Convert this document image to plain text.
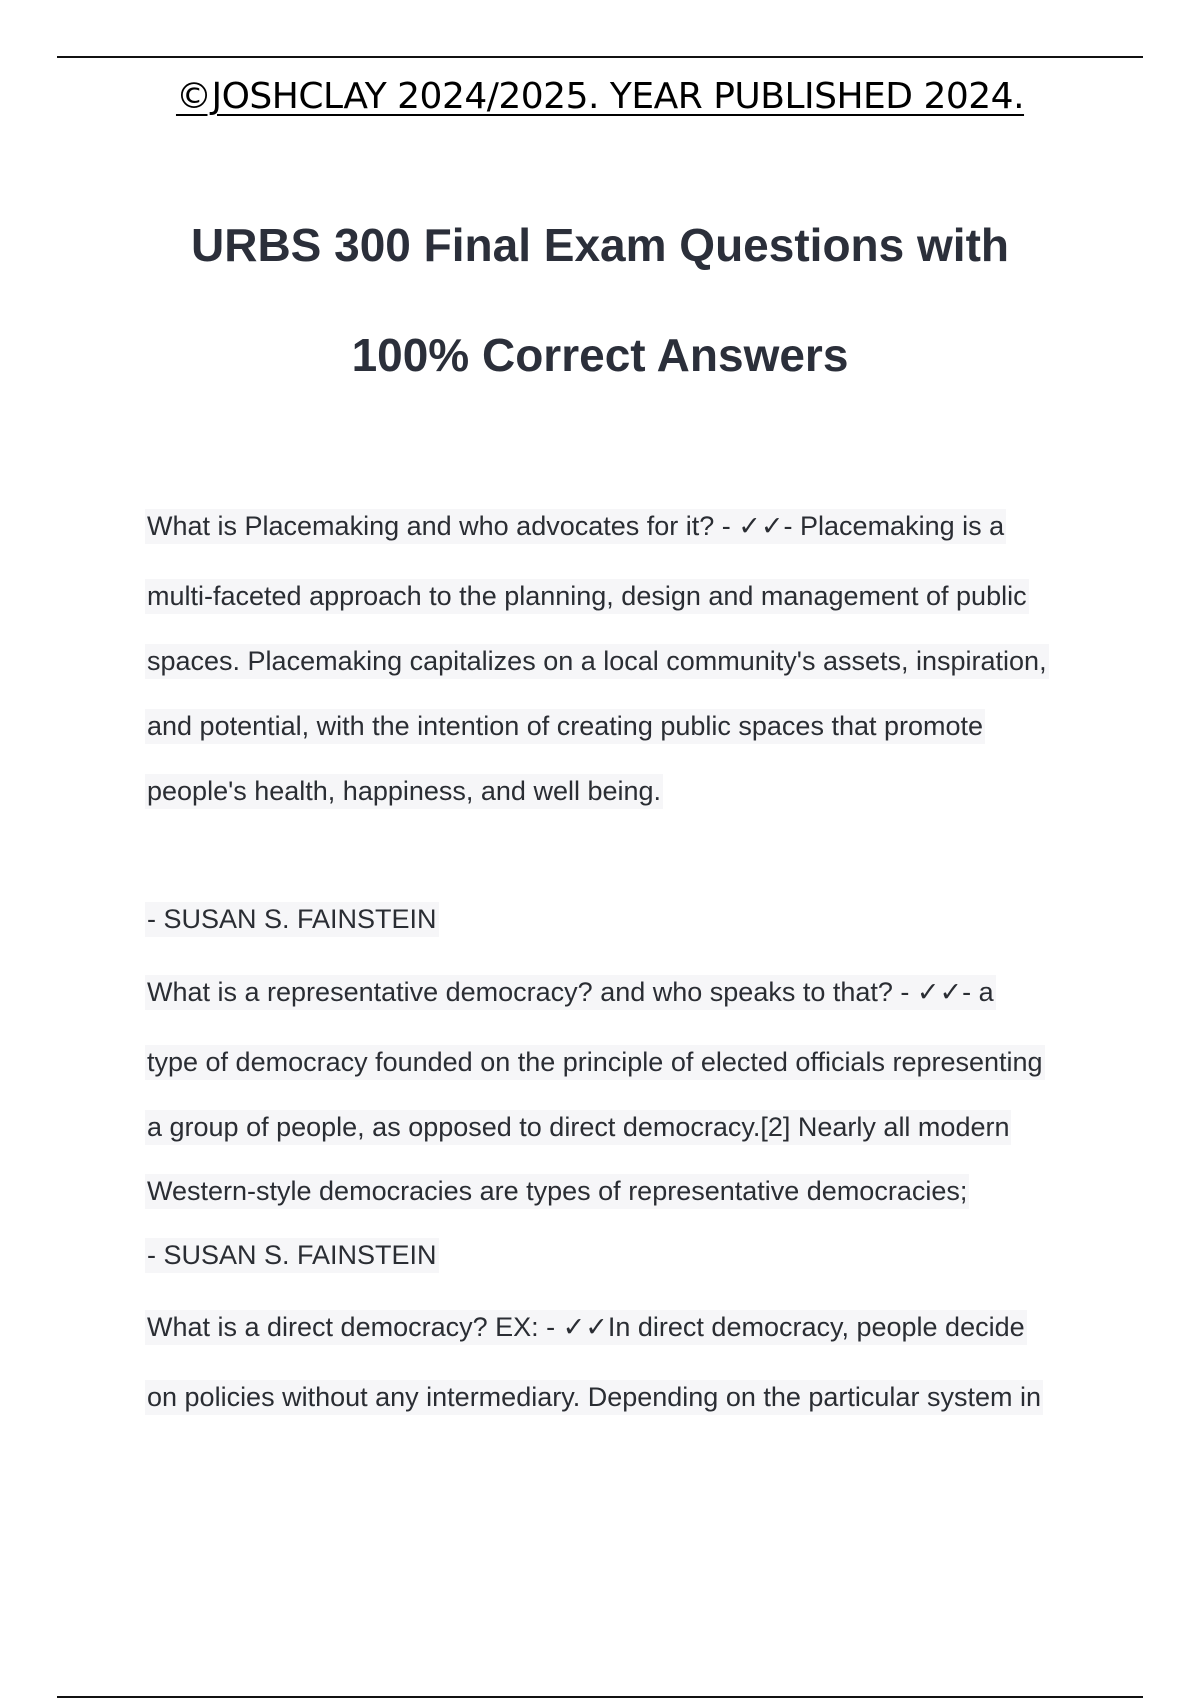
©JOSHCLAY 2024/2025. YEAR PUBLISHED 2024.
URBS 300 Final Exam Questions with
100% Correct Answers
What is Placemaking and who advocates for it? - ✓✓- Placemaking is a
multi-faceted approach to the planning, design and management of public
spaces. Placemaking capitalizes on a local community's assets, inspiration,
and potential, with the intention of creating public spaces that promote
people's health, happiness, and well being.
- SUSAN S. FAINSTEIN
What is a representative democracy? and who speaks to that? - ✓✓- a
type of democracy founded on the principle of elected officials representing
a group of people, as opposed to direct democracy.[2] Nearly all modern
Western-style democracies are types of representative democracies;
- SUSAN S. FAINSTEIN
What is a direct democracy? EX: - ✓✓In direct democracy, people decide
on policies without any intermediary. Depending on the particular system in
